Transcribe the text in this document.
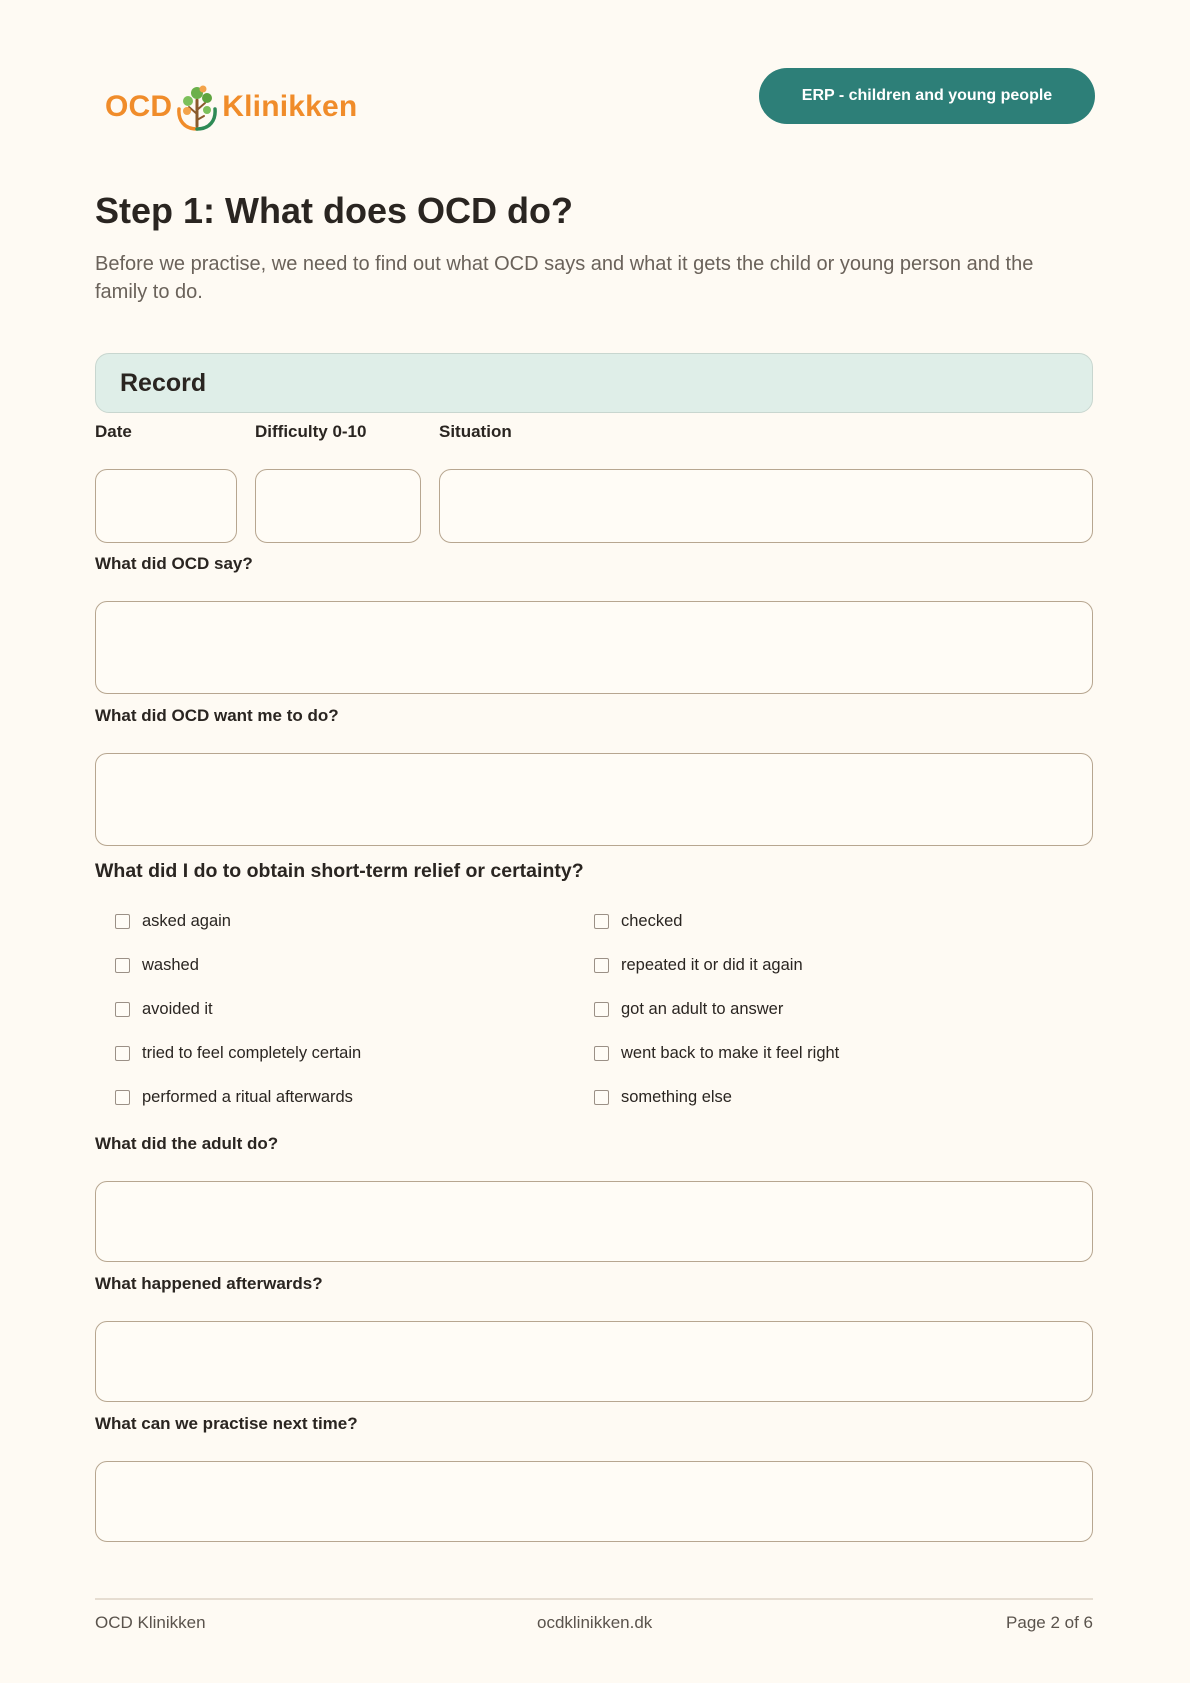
OCD Klinikken	ERP - children and young people
Step 1: What does OCD do?

Before we practise, we need to find out what OCD says and what it gets the child or young person and the family to do.

Record
Date	Difficulty 0-10	Situation
What did OCD say?
What did OCD want me to do?
What did I do to obtain short-term relief or certainty?
asked again
washed
avoided it
tried to feel completely certain
performed a ritual afterwards
checked
repeated it or did it again
got an adult to answer
went back to make it feel right
something else
What did the adult do?
What happened afterwards?
What can we practise next time?
OCD Klinikken	ocdklinikken.dk	Page 2 of 6
